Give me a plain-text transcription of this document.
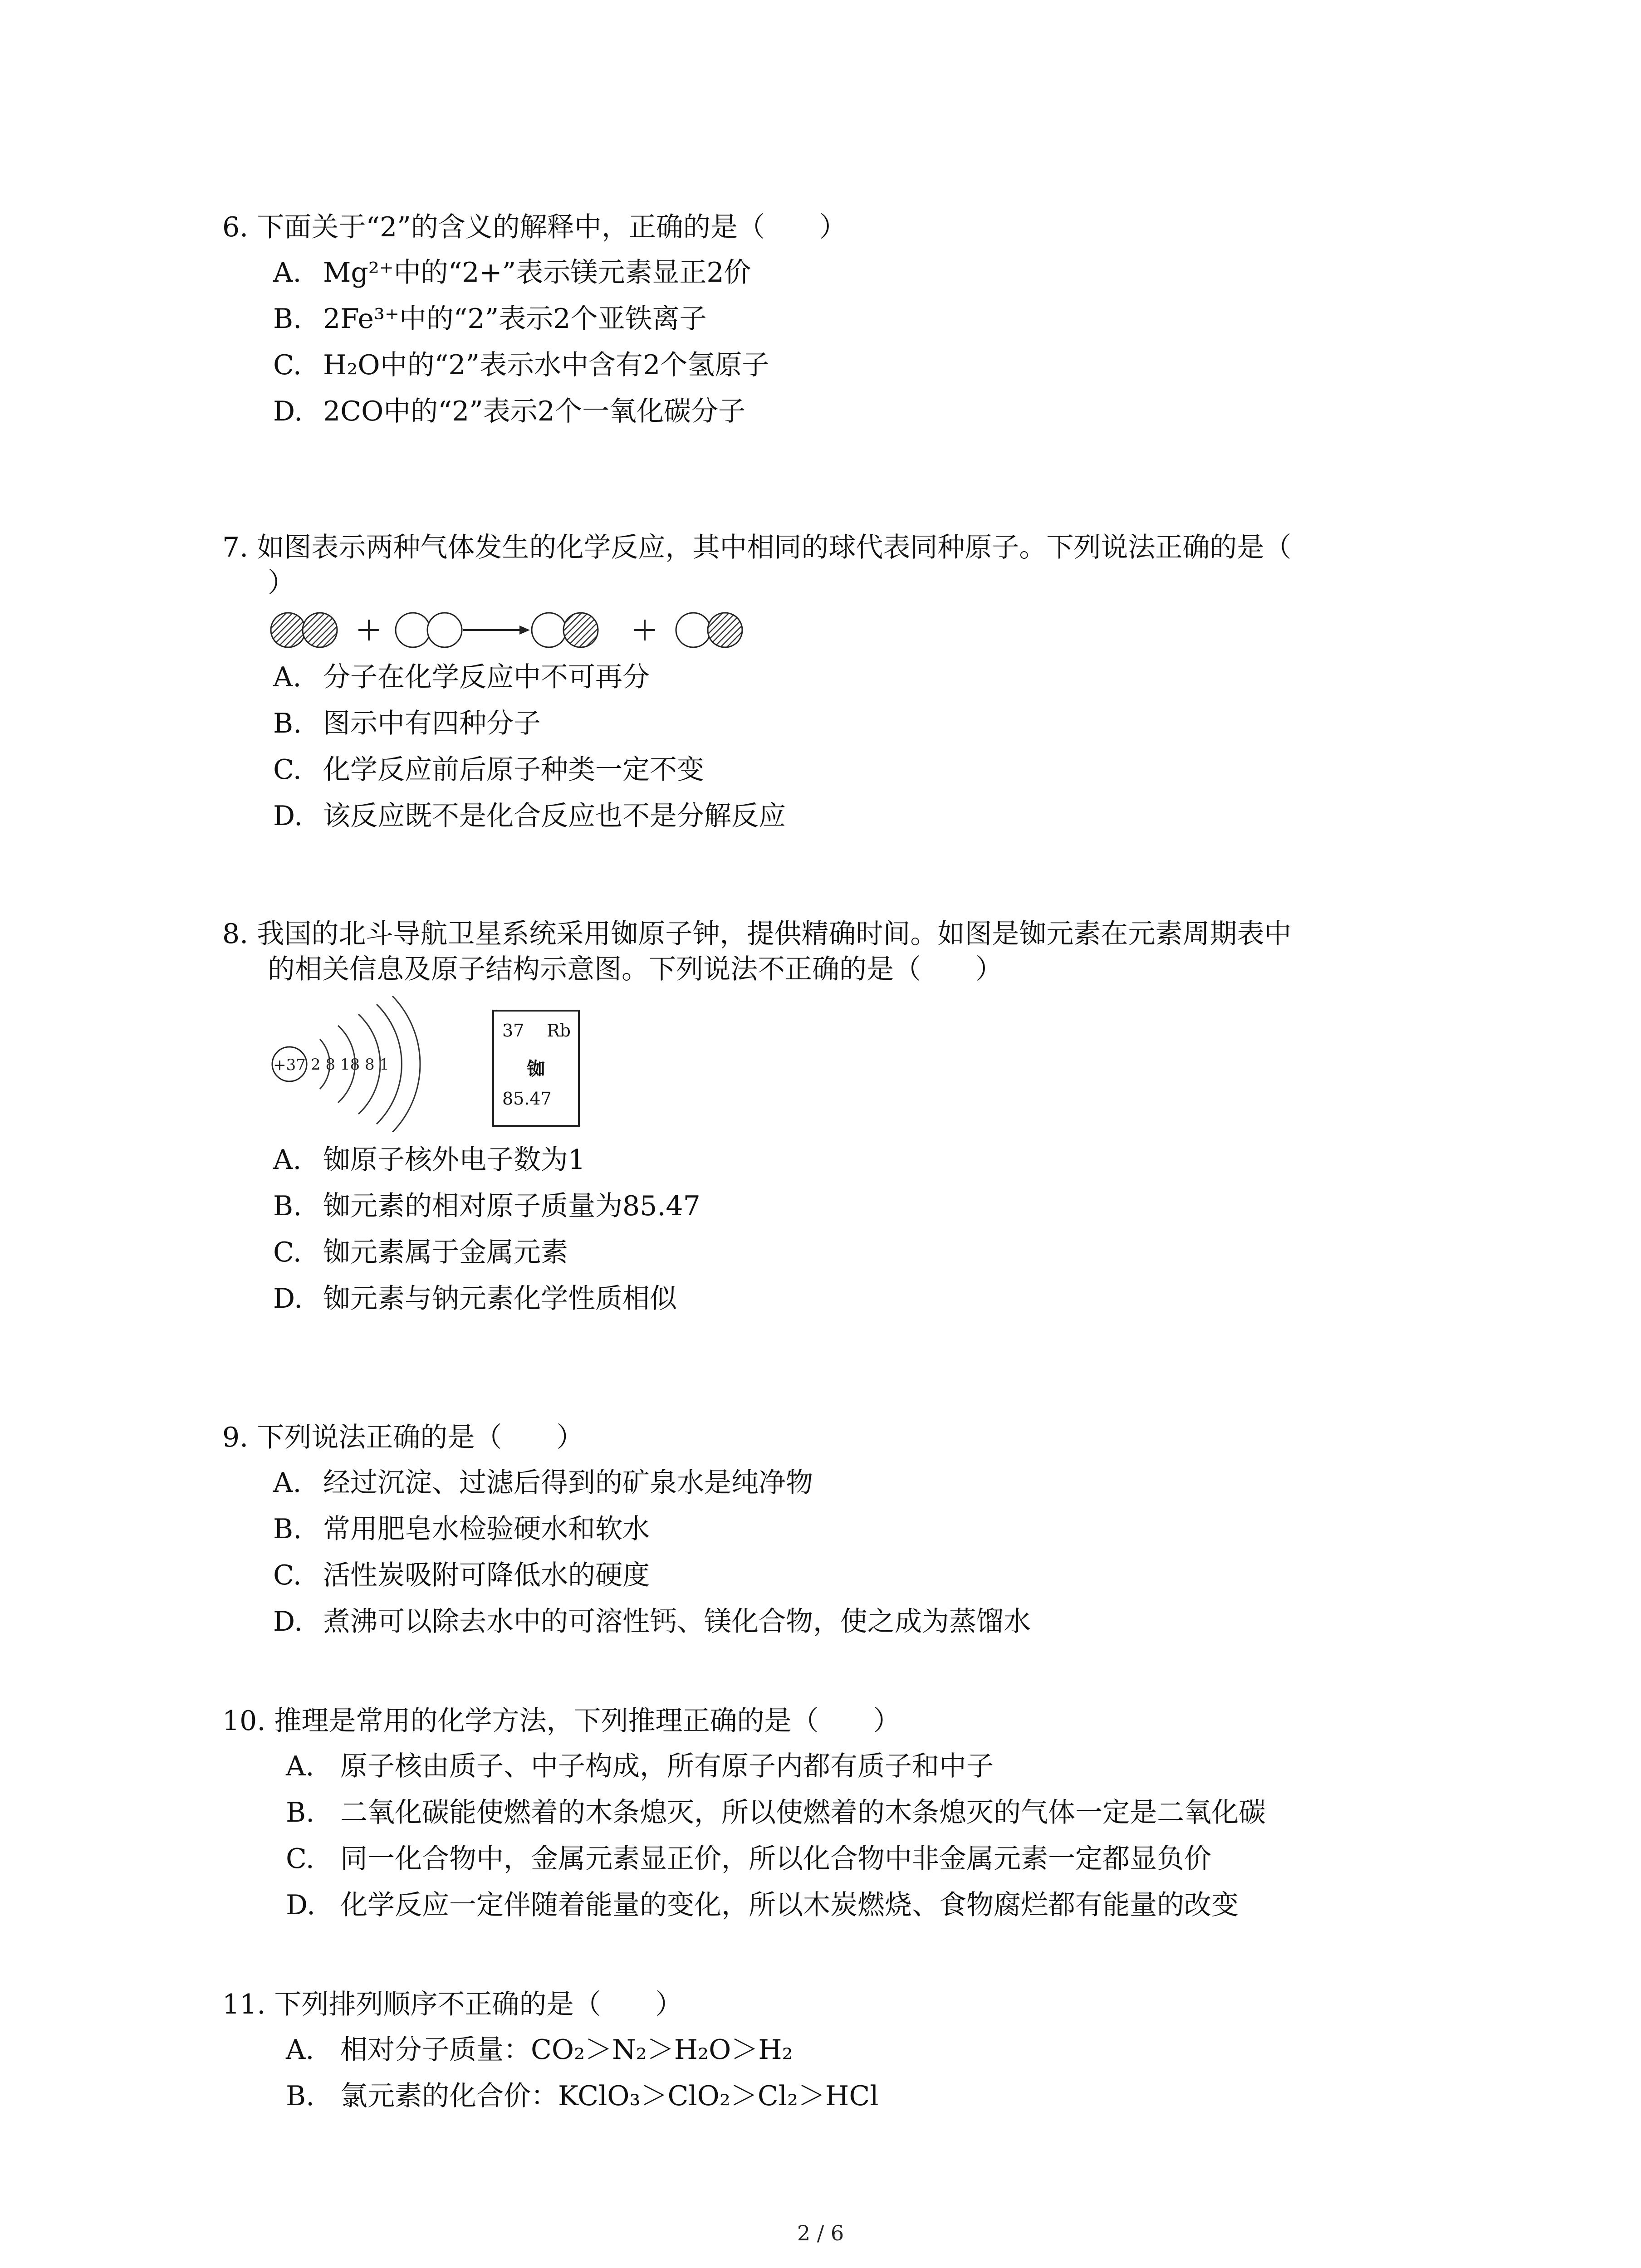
6. 下面关于“2”的含义的解释中，正确的是（　　）
A. Mg²⁺中的“2+”表示镁元素显正2价
B. 2Fe³⁺中的“2”表示2个亚铁离子
C. H₂O中的“2”表示水中含有2个氢原子
D. 2CO中的“2”表示2个一氧化碳分子
7. 如图表示两种气体发生的化学反应，其中相同的球代表同种原子。下列说法正确的是（
）
A. 分子在化学反应中不可再分
B. 图示中有四种分子
C. 化学反应前后原子种类一定不变
D. 该反应既不是化合反应也不是分解反应
8. 我国的北斗导航卫星系统采用铷原子钟，提供精确时间。如图是铷元素在元素周期表中
的相关信息及原子结构示意图。下列说法不正确的是（　　）
+37 2 8 18 8 1
37 Rb
铷
85.47
A. 铷原子核外电子数为1
B. 铷元素的相对原子质量为85.47
C. 铷元素属于金属元素
D. 铷元素与钠元素化学性质相似
9. 下列说法正确的是（　　）
A. 经过沉淀、过滤后得到的矿泉水是纯净物
B. 常用肥皂水检验硬水和软水
C. 活性炭吸附可降低水的硬度
D. 煮沸可以除去水中的可溶性钙、镁化合物，使之成为蒸馏水
10. 推理是常用的化学方法，下列推理正确的是（　　）
A. 原子核由质子、中子构成，所有原子内都有质子和中子
B. 二氧化碳能使燃着的木条熄灭，所以使燃着的木条熄灭的气体一定是二氧化碳
C. 同一化合物中，金属元素显正价，所以化合物中非金属元素一定都显负价
D. 化学反应一定伴随着能量的变化，所以木炭燃烧、食物腐烂都有能量的改变
11. 下列排列顺序不正确的是（　　）
A. 相对分子质量：CO₂＞N₂＞H₂O＞H₂
B. 氯元素的化合价：KClO₃＞ClO₂＞Cl₂＞HCl
2 / 6
